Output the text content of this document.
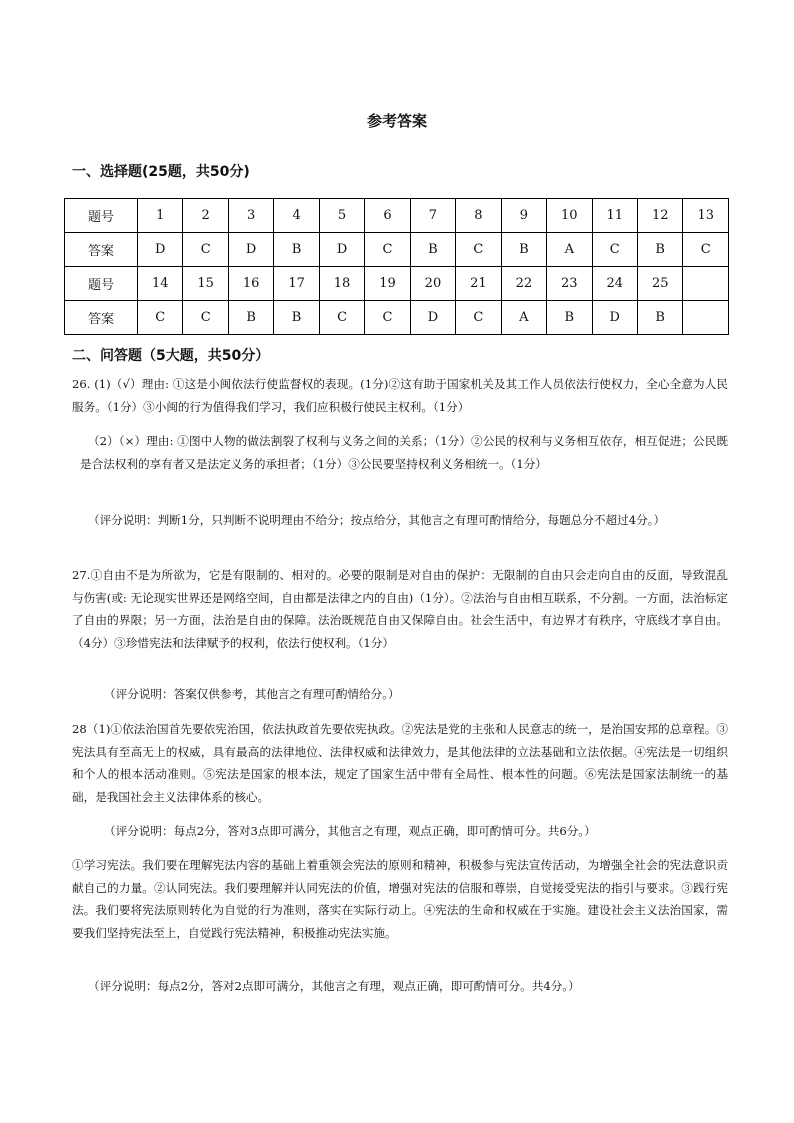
参考答案
一、选择题(25题，共50分)
题号	1	2	3	4	5	6	7	8	9	10	11	12	13
答案	D	C	D	B	D	C	B	C	B	A	C	B	C
题号	14	15	16	17	18	19	20	21	22	23	24	25	
答案	C	C	B	B	C	C	D	C	A	B	D	B	
二、问答题（5大题，共50分）

26. (1)（√）理由: ①这是小闽依法行使监督权的表现。(1分)②这有助于国家机关及其工作人员依法行使权力，全心全意为人民服务。（1分）③小闽的行为值得我们学习，我们应积极行使民主权利。（1分）

（2）（×）理由: ①图中人物的做法割裂了权利与义务之间的关系；（1分）②公民的权利与义务相互依存，相互促进；公民既是合法权利的享有者又是法定义务的承担者；（1分）③公民要坚持权利义务相统一。（1分）

（评分说明：判断1分，只判断不说明理由不给分；按点给分，其他言之有理可酌情给分，每题总分不超过4分。）

27.①自由不是为所欲为，它是有限制的、相对的。必要的限制是对自由的保护：无限制的自由只会走向自由的反面，导致混乱与伤害(或: 无论现实世界还是网络空间，自由都是法律之内的自由)（1分）。②法治与自由相互联系，不分割。一方面，法治标定了自由的界限；另一方面，法治是自由的保障。法治既规范自由又保障自由。社会生活中，有边界才有秩序，守底线才享自由。（4分）③珍惜宪法和法律赋予的权利，依法行使权利。（1分）

（评分说明：答案仅供参考，其他言之有理可酌情给分。）

28（1)①依法治国首先要依宪治国，依法执政首先要依宪执政。②宪法是党的主张和人民意志的统一，是治国安邦的总章程。③宪法具有至高无上的权威，具有最高的法律地位、法律权威和法律效力，是其他法律的立法基础和立法依据。④宪法是一切组织和个人的根本活动准则。⑤宪法是国家的根本法，规定了国家生活中带有全局性、根本性的问题。⑥宪法是国家法制统一的基础，是我国社会主义法律体系的核心。

（评分说明：每点2分，答对3点即可满分，其他言之有理，观点正确，即可酌情可分。共6分。）

①学习宪法。我们要在理解宪法内容的基础上着重领会宪法的原则和精神，积极参与宪法宣传活动，为增强全社会的宪法意识贡献自己的力量。②认同宪法。我们要理解并认同宪法的价值，增强对宪法的信服和尊崇，自觉接受宪法的指引与要求。③践行宪法。我们要将宪法原则转化为自觉的行为准则，落实在实际行动上。④宪法的生命和权威在于实施。建设社会主义法治国家，需要我们坚持宪法至上，自觉践行宪法精神，积极推动宪法实施。

（评分说明：每点2分，答对2点即可满分，其他言之有理，观点正确，即可酌情可分。共4分。）
